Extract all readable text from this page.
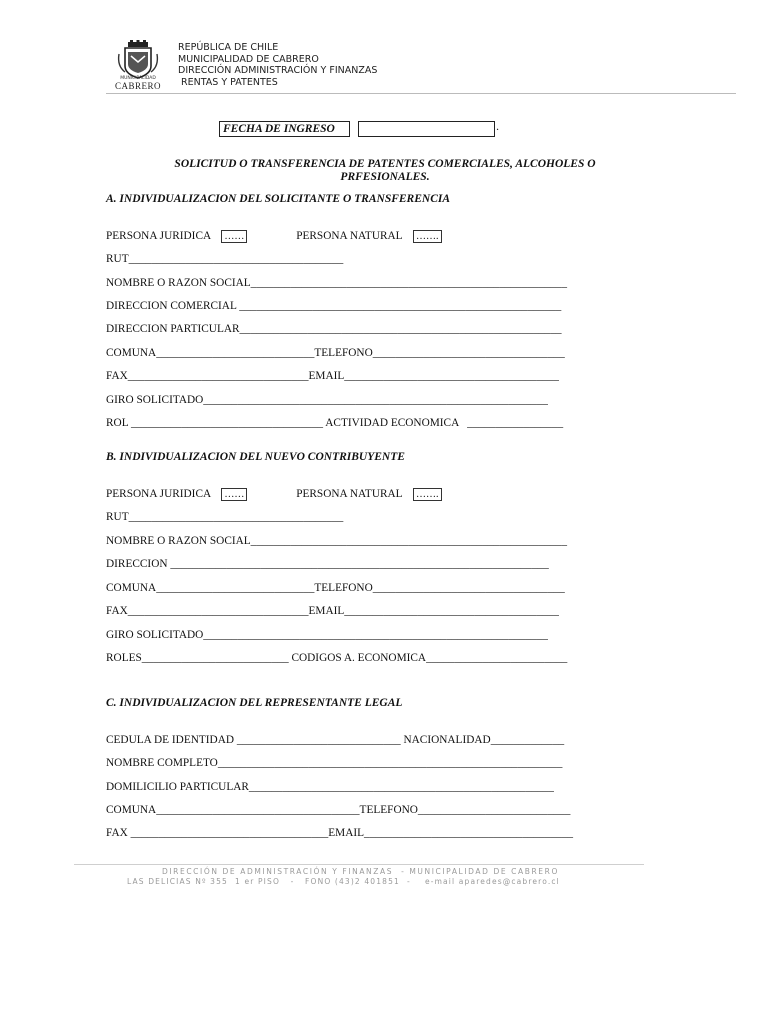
MUNICIPALIDAD
CABRERO
REPÚBLICA DE CHILE
MUNICIPALIDAD DE CABRERO
DIRECCIÓN ADMINISTRACIÓN Y FINANZAS
RENTAS Y PATENTES
FECHA DE INGRESO	.
SOLICITUD O TRANSFERENCIA DE PATENTES COMERCIALES, ALCOHOLES O
PRFESIONALES.
A. INDIVIDUALIZACION DEL SOLICITANTE O TRANSFERENCIA
PERSONA JURIDICA ……	PERSONA NATURAL …….
RUT______________________________________
NOMBRE O RAZON SOCIAL________________________________________________________
DIRECCION COMERCIAL _________________________________________________________
DIRECCION PARTICULAR_________________________________________________________
COMUNA____________________________TELEFONO__________________________________
FAX________________________________EMAIL______________________________________
GIRO SOLICITADO_____________________________________________________________
ROL __________________________________ ACTIVIDAD ECONOMICA   _________________
B. INDIVIDUALIZACION DEL NUEVO CONTRIBUYENTE
PERSONA JURIDICA ……	PERSONA NATURAL …….
RUT______________________________________
NOMBRE O RAZON SOCIAL________________________________________________________
DIRECCION ___________________________________________________________________
COMUNA____________________________TELEFONO__________________________________
FAX________________________________EMAIL______________________________________
GIRO SOLICITADO_____________________________________________________________
ROLES__________________________ CODIGOS A. ECONOMICA_________________________
C. INDIVIDUALIZACION DEL REPRESENTANTE LEGAL
CEDULA DE IDENTIDAD _____________________________ NACIONALIDAD_____________
NOMBRE COMPLETO_____________________________________________________________
DOMILICILIO PARTICULAR______________________________________________________
COMUNA____________________________________TELEFONO___________________________
FAX ___________________________________EMAIL_____________________________________
DIRECCIÓN DE ADMINISTRACIÓN Y FINANZAS  - MUNICIPALIDAD DE CABRERO
LAS DELICIAS Nº 355  1 er PISO   -   FONO (43)2 401851  -    e-mail aparedes@cabrero.cl
